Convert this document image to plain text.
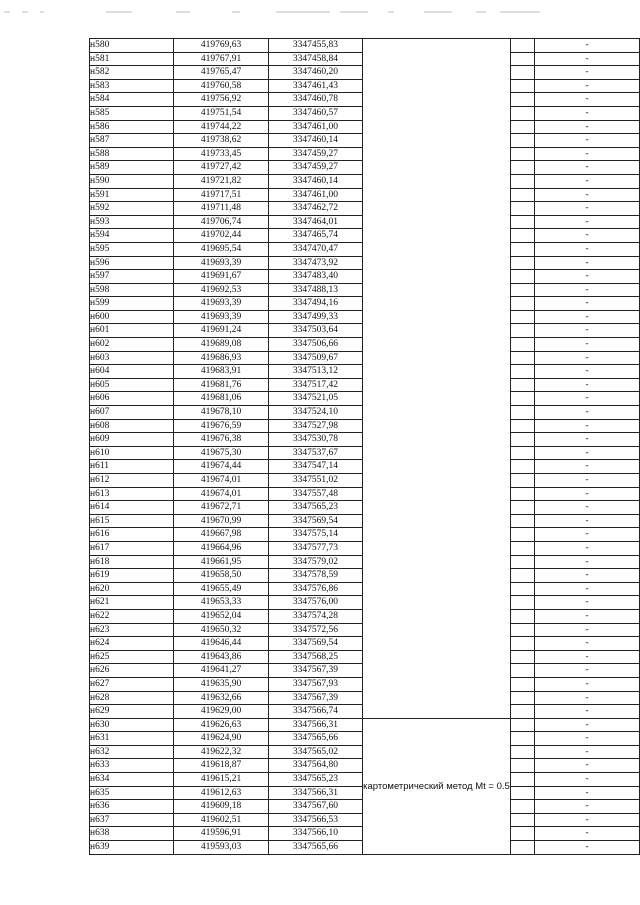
н580	419769,63	3347455,83			-
н581	419767,91	3347458,84			-
н582	419765,47	3347460,20			-
н583	419760,58	3347461,43			-
н584	419756,92	3347460,78			-
н585	419751,54	3347460,57			-
н586	419744,22	3347461,00			-
н587	419738,62	3347460,14			-
н588	419733,45	3347459,27			-
н589	419727,42	3347459,27			-
н590	419721,82	3347460,14			-
н591	419717,51	3347461,00			-
н592	419711,48	3347462,72			-
н593	419706,74	3347464,01			-
н594	419702,44	3347465,74			-
н595	419695,54	3347470,47			-
н596	419693,39	3347473,92			-
н597	419691,67	3347483,40			-
н598	419692,53	3347488,13			-
н599	419693,39	3347494,16			-
н600	419693,39	3347499,33			-
н601	419691,24	3347503,64			-
н602	419689,08	3347506,66			-
н603	419686,93	3347509,67			-
н604	419683,91	3347513,12			-
н605	419681,76	3347517,42			-
н606	419681,06	3347521,05			-
н607	419678,10	3347524,10			-
н608	419676,59	3347527,98			-
н609	419676,38	3347530,78			-
н610	419675,30	3347537,67			-
н611	419674,44	3347547,14			-
н612	419674,01	3347551,02			-
н613	419674,01	3347557,48			-
н614	419672,71	3347565,23			-
н615	419670,99	3347569,54			-
н616	419667,98	3347575,14			-
н617	419664,96	3347577,73			-
н618	419661,95	3347579,02			-
н619	419658,50	3347578,59			-
н620	419655,49	3347576,86			-
н621	419653,33	3347576,00			-
н622	419652,04	3347574,28			-
н623	419650,32	3347572,56			-
н624	419646,44	3347569,54			-
н625	419643,86	3347568,25			-
н626	419641,27	3347567,39			-
н627	419635,90	3347567,93			-
н628	419632,66	3347567,39			-
н629	419629,00	3347566,74			-
н630	419626,63	3347566,31	картометрический метод Mt = 0.5		-
н631	419624,90	3347565,66			-
н632	419622,32	3347565,02			-
н633	419618,87	3347564,80			-
н634	419615,21	3347565,23			-
н635	419612,63	3347566,31			-
н636	419609,18	3347567,60			-
н637	419602,51	3347566,53			-
н638	419596,91	3347566,10			-
н639	419593,03	3347565,66			-
